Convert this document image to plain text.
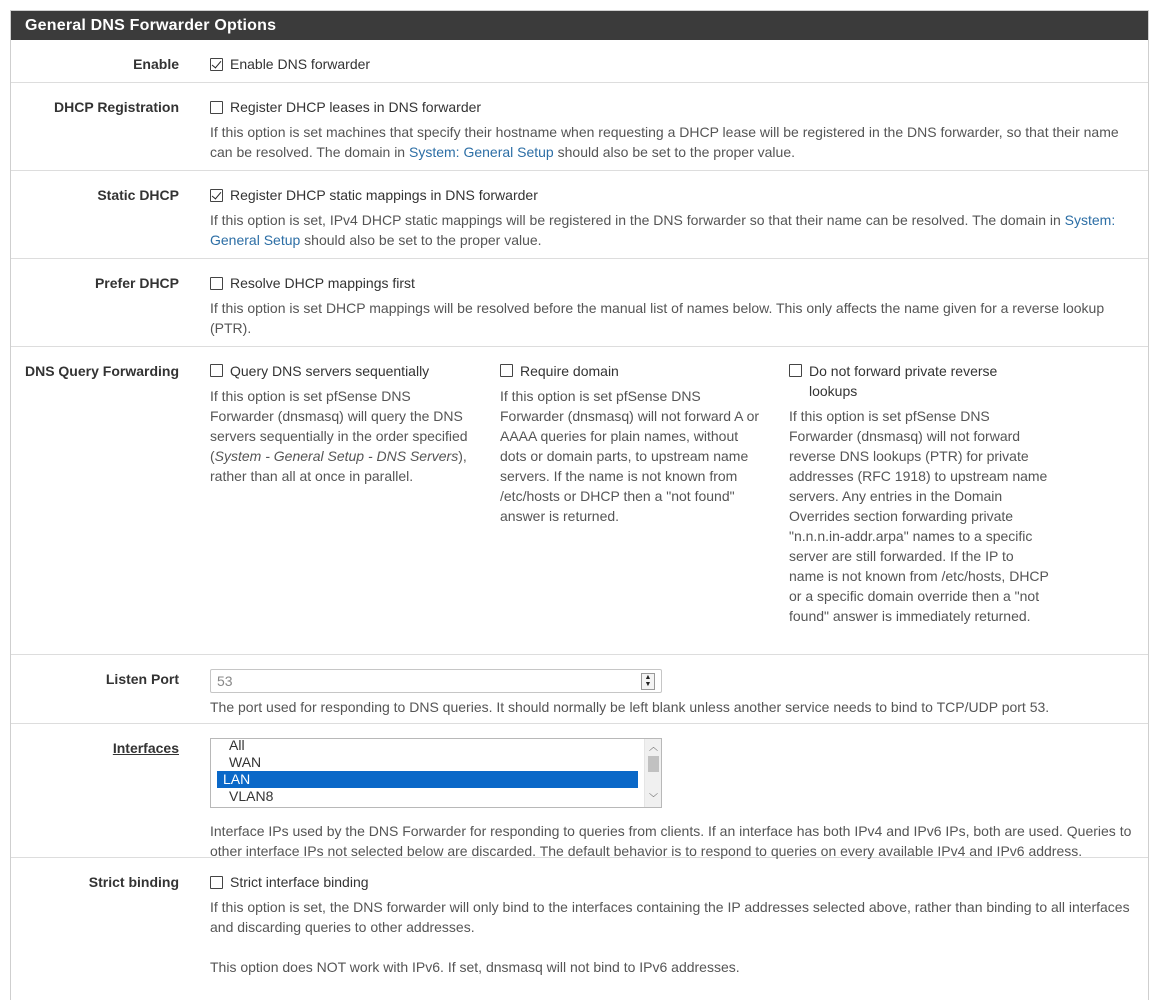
General DNS Forwarder Options
Enable	Enable DNS forwarder
DHCP Registration	Register DHCP leases in DNS forwarder
If this option is set machines that specify their hostname when requesting a DHCP lease will be registered in the DNS forwarder, so that their name can be resolved. The domain in System: General Setup should also be set to the proper value.
Static DHCP	Register DHCP static mappings in DNS forwarder
If this option is set, IPv4 DHCP static mappings will be registered in the DNS forwarder so that their name can be resolved. The domain in System: General Setup should also be set to the proper value.
Prefer DHCP	Resolve DHCP mappings first
If this option is set DHCP mappings will be resolved before the manual list of names below. This only affects the name given for a reverse lookup (PTR).
DNS Query Forwarding	Query DNS servers sequentially
If this option is set pfSense DNS Forwarder (dnsmasq) will query the DNS servers sequentially in the order specified (System - General Setup - DNS Servers), rather than all at once in parallel.
Require domain
If this option is set pfSense DNS Forwarder (dnsmasq) will not forward A or AAAA queries for plain names, without dots or domain parts, to upstream name servers. If the name is not known from /etc/hosts or DHCP then a "not found" answer is returned.
Do not forward private reverse lookups
If this option is set pfSense DNS Forwarder (dnsmasq) will not forward reverse DNS lookups (PTR) for private addresses (RFC 1918) to upstream name servers. Any entries in the Domain Overrides section forwarding private "n.n.n.in-addr.arpa" names to a specific server are still forwarded. If the IP to name is not known from /etc/hosts, DHCP or a specific domain override then a "not found" answer is immediately returned.
Listen Port	53	▲
▼
The port used for responding to DNS queries. It should normally be left blank unless another service needs to bind to TCP/UDP port 53.
Interfaces	All
WAN
LAN
VLAN8
︿
﹀
Interface IPs used by the DNS Forwarder for responding to queries from clients. If an interface has both IPv4 and IPv6 IPs, both are used. Queries to other interface IPs not selected below are discarded. The default behavior is to respond to queries on every available IPv4 and IPv6 address.
Strict binding	Strict interface binding
If this option is set, the DNS forwarder will only bind to the interfaces containing the IP addresses selected above, rather than binding to all interfaces and discarding queries to other addresses.
This option does NOT work with IPv6. If set, dnsmasq will not bind to IPv6 addresses.
